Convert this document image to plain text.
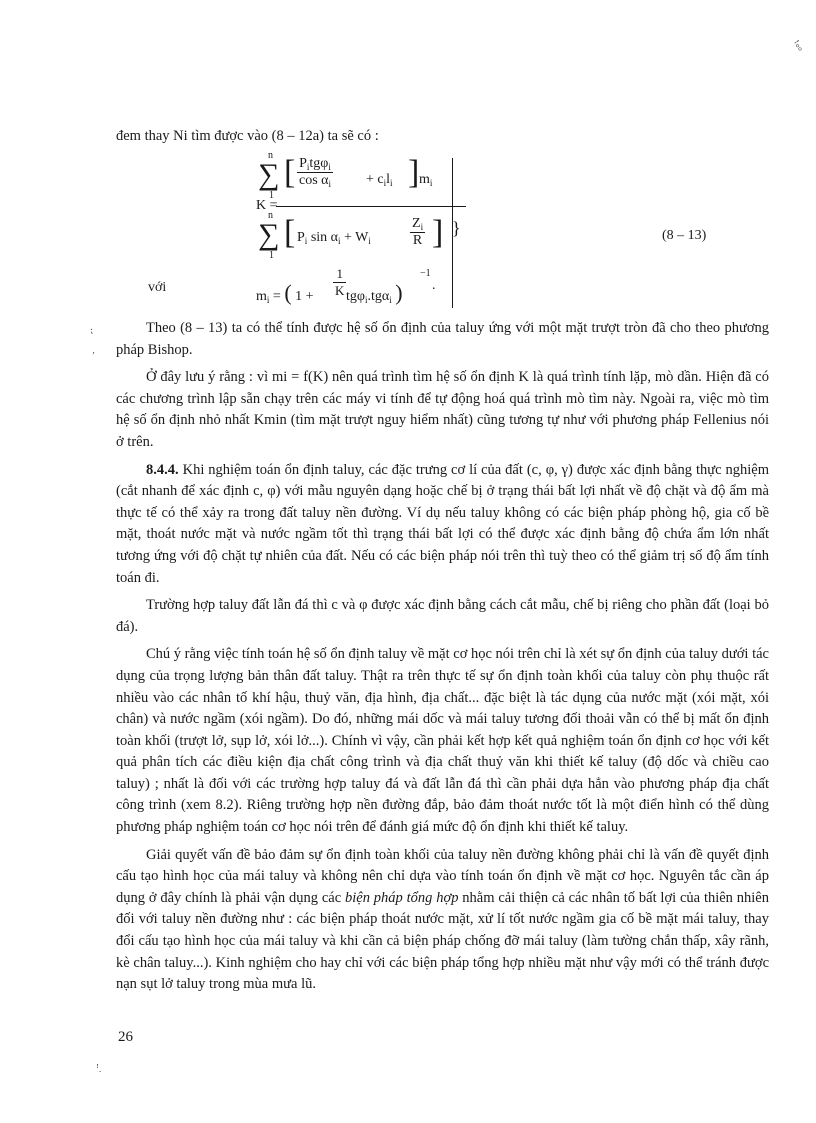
ꜝ°°
đem thay Ni tìm được vào (8 – 12a) ta sẽ có :
K =
n
∑
1
[ $\frac{P_itg\varphi_i}{\cos \alpha_i} + c_il_i$ ] $m_i$
n
∑
1
[ $P_i$ $\sin \alpha_i + W_i$	$\frac{Z_i}{R}$ ]
với
$m_i$ = ( $1 + \frac{1}{K} tg\varphi_i.tg\alpha_i$ )
−1
.
}	(8 – 13)
⁏
‚

Theo (8 – 13) ta có thể tính được hệ số ổn định của taluy ứng với một mặt trượt tròn đã cho theo phương pháp Bishop.

Ở đây lưu ý rằng : vì mi = f(K) nên quá trình tìm hệ số ổn định K là quá trình tính lặp, mò dần. Hiện đã có các chương trình lập sẵn chạy trên các máy vi tính để tự động hoá quá trình mò tìm này. Ngoài ra, việc mò tìm hệ số ổn định nhỏ nhất Kmin (tìm mặt trượt nguy hiểm nhất) cũng tương tự như với phương pháp Fellenius nói ở trên.

8.4.4. Khi nghiệm toán ổn định taluy, các đặc trưng cơ lí của đất (c, φ, γ) được xác định bằng thực nghiệm (cắt nhanh để xác định c, φ) với mẫu nguyên dạng hoặc chế bị ở trạng thái bất lợi nhất về độ chặt và độ ẩm mà thực tế có thể xảy ra trong đất taluy nền đường. Ví dụ nếu taluy không có các biện pháp phòng hộ, gia cố bề mặt, thoát nước mặt và nước ngầm tốt thì trạng thái bất lợi có thể được xác định bằng độ chứa ẩm lớn nhất tương ứng với độ chặt tự nhiên của đất. Nếu có các biện pháp nói trên thì tuỳ theo có thể giảm trị số độ ẩm tính toán đi.

Trường hợp taluy đất lẫn đá thì c và φ được xác định bằng cách cắt mẫu, chế bị riêng cho phần đất (loại bỏ đá).

Chú ý rằng việc tính toán hệ số ổn định taluy về mặt cơ học nói trên chỉ là xét sự ổn định của taluy dưới tác dụng của trọng lượng bản thân đất taluy. Thật ra trên thực tế sự ổn định toàn khối của taluy còn phụ thuộc rất nhiều vào các nhân tố khí hậu, thuỷ văn, địa hình, địa chất... đặc biệt là tác dụng của nước mặt (xói mặt, xói chân) và nước ngầm (xói ngầm). Do đó, những mái dốc và mái taluy tương đối thoải vẫn có thể bị mất ổn định toàn khối (trượt lở, sụp lở, xói lở...). Chính vì vậy, cần phải kết hợp kết quả nghiệm toán ổn định cơ học với kết quả phân tích các điều kiện địa chất công trình và địa chất thuỷ văn khi thiết kế taluy (độ dốc và chiều cao taluy) ; nhất là đối với các trường hợp taluy đá và đất lẫn đá thì cần phải dựa hẳn vào phương pháp địa chất công trình (xem 8.2). Riêng trường hợp nền đường đắp, bảo đảm thoát nước tốt là một điển hình có thể dùng phương pháp nghiệm toán cơ học nói trên để đánh giá mức độ ổn định khi thiết kế taluy.

Giải quyết vấn đề bảo đảm sự ổn định toàn khối của taluy nền đường không phải chỉ là vấn đề quyết định cấu tạo hình học của mái taluy và không nên chỉ dựa vào tính toán ổn định về mặt cơ học. Nguyên tắc cần áp dụng ở đây chính là phải vận dụng các biện pháp tổng hợp nhằm cải thiện cả các nhân tố bất lợi của thiên nhiên đối với taluy nền đường như : các biện pháp thoát nước mặt, xử lí tốt nước ngầm gia cố bề mặt mái taluy, thay đổi cấu tạo hình học của mái taluy và khi cần cả biện pháp chống đỡ mái taluy (làm tường chắn thấp, xây rãnh, kè chân taluy...). Kinh nghiệm cho hay chỉ với các biện pháp tổng hợp nhiều mặt như vậy mới có thể tránh được nạn sụt lở taluy trong mùa mưa lũ.

26
ꜝ.
